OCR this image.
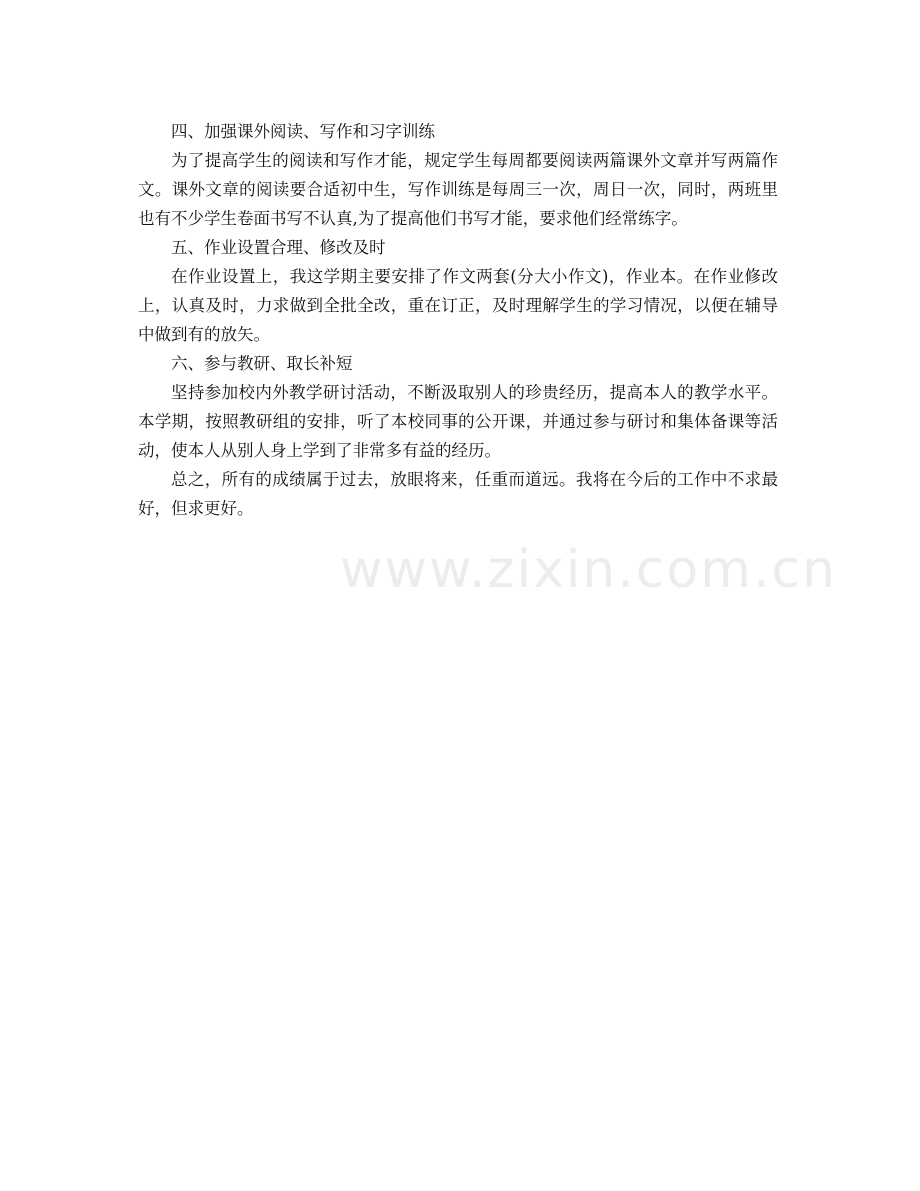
四、加强课外阅读、写作和习字训练

为了提高学生的阅读和写作才能，规定学生每周都要阅读两篇课外文章并写两篇作文。课外文章的阅读要合适初中生，写作训练是每周三一次，周日一次，同时，两班里也有不少学生卷面书写不认真,为了提高他们书写才能，要求他们经常练字。

五、作业设置合理、修改及时

在作业设置上，我这学期主要安排了作文两套(分大小作文)，作业本。在作业修改上，认真及时，力求做到全批全改，重在订正，及时理解学生的学习情况，以便在辅导中做到有的放矢。

六、参与教研、取长补短

坚持参加校内外教学研讨活动，不断汲取别人的珍贵经历，提高本人的教学水平。本学期，按照教研组的安排，听了本校同事的公开课，并通过参与研讨和集体备课等活动，使本人从别人身上学到了非常多有益的经历。

总之，所有的成绩属于过去，放眼将来，任重而道远。我将在今后的工作中不求最好，但求更好。

www.zixin.com.cn
